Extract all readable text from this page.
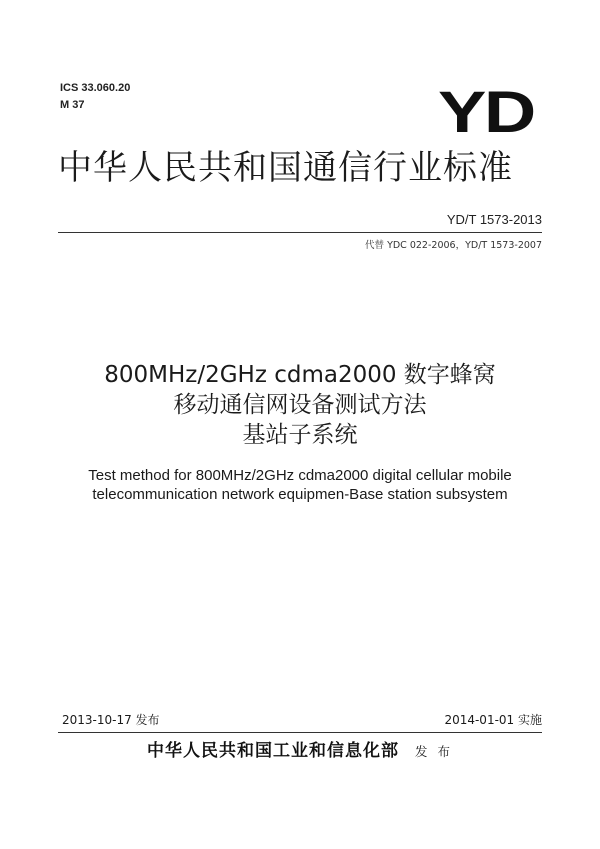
ICS 33.060.20
M 37	YD
中华人民共和国通信行业标准
YD/T 1573-2013
代替 YDC 022-2006，YD/T 1573-2007
800MHz/2GHz cdma2000 数字蜂窝
移动通信网设备测试方法
基站子系统
Test method for 800MHz/2GHz cdma2000 digital cellular mobile
telecommunication network equipmen-Base station subsystem
2013-10-17 发布	2014-01-01 实施
中华人民共和国工业和信息化部 发 布
